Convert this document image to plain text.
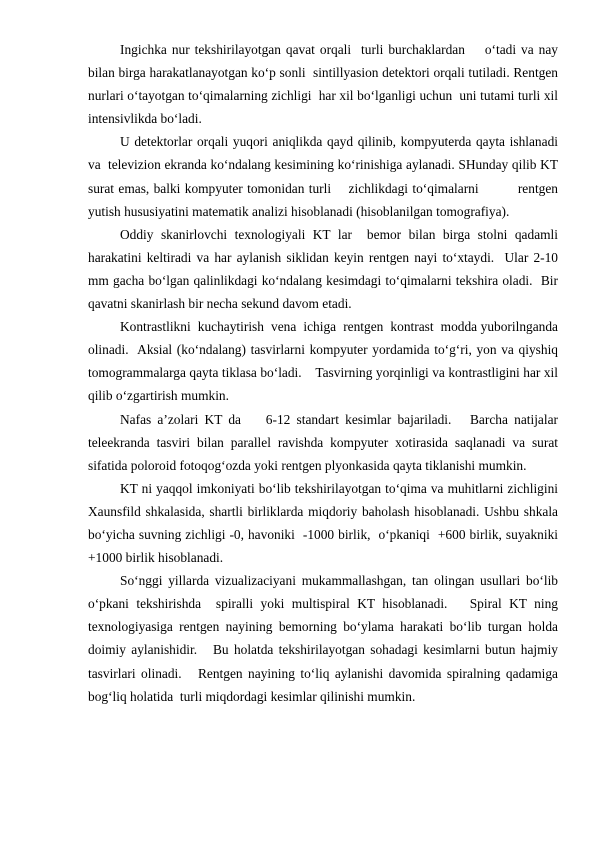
Ingichka nur tekshirilayotgan qavat orqali  turli burchaklardan    o‘tadi va nay bilan birga harakatlanayotgan ko‘p sonli  sintillyasion detektori orqali tutiladi. Rentgen nurlari o‘tayotgan to‘qimalarning zichligi  har xil bo‘lganligi uchun  uni tutami turli xil intensivlikda bo‘ladi.

U detektorlar orqali yuqori aniqlikda qayd qilinib, kompyuterda qayta ishlanadi va  televizion ekranda ko‘ndalang kesimining ko‘rinishiga aylanadi. SHunday qilib KT surat emas, balki kompyuter tomonidan turli    zichlikdagi to‘qimalarni         rentgen yutish hususiyatini matematik analizi hisoblanadi (hisoblanilgan tomografiya).

Oddiy skanirlovchi texnologiyali KT lar  bemor bilan birga stolni qadamli harakatini keltiradi va har aylanish siklidan keyin rentgen nayi to‘xtaydi.  Ular 2-10 mm gacha bo‘lgan qalinlikdagi ko‘ndalang kesimdagi to‘qimalarni tekshira oladi.  Bir qavatni skanirlash bir necha sekund davom etadi.

Kontrastlikni  kuchaytirish  vena  ichiga  rentgen  kontrast  modda yuborilnganda  olinadi.  Aksial (ko‘ndalang) tasvirlarni kompyuter yordamida to‘g‘ri, yon va qiyshiq tomogrammalarga qayta tiklasa bo‘ladi.    Tasvirning yorqinligi va kontrastligini har xil qilib o‘zgartirish mumkin.

Nafas a’zolari KT da    6-12 standart kesimlar bajariladi.   Barcha natijalar teleekranda tasviri bilan parallel ravishda kompyuter xotirasida saqlanadi va surat sifatida poloroid fotoqog‘ozda yoki rentgen plyonkasida qayta tiklanishi mumkin.

KT ni yaqqol imkoniyati bo‘lib tekshirilayotgan to‘qima va muhitlarni zichligini Xaunsfild shkalasida, shartli birliklarda miqdoriy baholash hisoblanadi. Ushbu shkala bo‘yicha suvning zichligi -0, havoniki  -1000 birlik,  o‘pkaniqi  +600 birlik, suyakniki +1000 birlik hisoblanadi.

So‘nggi yillarda vizualizaciyani mukammallashgan, tan olingan usullari bo‘lib o‘pkani tekshirishda  spiralli yoki multispiral KT hisoblanadi.   Spiral KT ning texnologiyasiga rentgen nayining bemorning bo‘ylama harakati bo‘lib turgan holda doimiy aylanishidir.   Bu holatda tekshirilayotgan sohadagi kesimlarni butun hajmiy tasvirlari olinadi.   Rentgen nayining to‘liq aylanishi davomida spiralning qadamiga bog‘liq holatida  turli miqdordagi kesimlar qilinishi mumkin.
